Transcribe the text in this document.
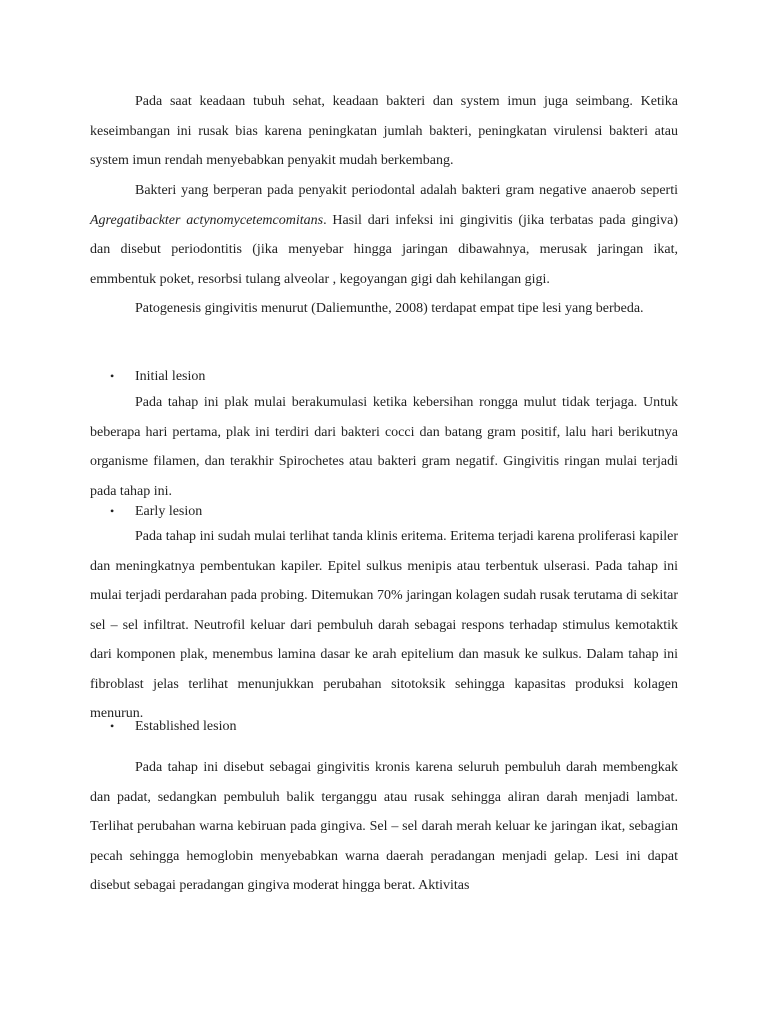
Pada saat keadaan tubuh sehat, keadaan bakteri dan system imun juga seimbang. Ketika keseimbangan ini rusak bias karena peningkatan jumlah bakteri, peningkatan virulensi bakteri atau system imun rendah menyebabkan penyakit mudah berkembang.

Bakteri yang berperan pada penyakit periodontal adalah bakteri gram negative anaerob seperti Agregatibackter actynomycetemcomitans. Hasil dari infeksi ini gingivitis (jika terbatas pada gingiva) dan disebut periodontitis (jika menyebar hingga jaringan dibawahnya, merusak jaringan ikat, emmbentuk poket, resorbsi tulang alveolar , kegoyangan gigi dah kehilangan gigi.

Patogenesis gingivitis menurut (Daliemunthe, 2008) terdapat empat tipe lesi yang berbeda.

• Initial lesion

Pada tahap ini plak mulai berakumulasi ketika kebersihan rongga mulut tidak terjaga. Untuk beberapa hari pertama, plak ini terdiri dari bakteri cocci dan batang gram positif, lalu hari berikutnya organisme filamen, dan terakhir Spirochetes atau bakteri gram negatif. Gingivitis ringan mulai terjadi pada tahap ini.

• Early lesion

Pada tahap ini sudah mulai terlihat tanda klinis eritema. Eritema terjadi karena proliferasi kapiler dan meningkatnya pembentukan kapiler. Epitel sulkus menipis atau terbentuk ulserasi. Pada tahap ini mulai terjadi perdarahan pada probing. Ditemukan 70% jaringan kolagen sudah rusak terutama di sekitar sel – sel infiltrat. Neutrofil keluar dari pembuluh darah sebagai respons terhadap stimulus kemotaktik dari komponen plak, menembus lamina dasar ke arah epitelium dan masuk ke sulkus. Dalam tahap ini fibroblast jelas terlihat menunjukkan perubahan sitotoksik sehingga kapasitas produksi kolagen menurun.

• Established lesion

Pada tahap ini disebut sebagai gingivitis kronis karena seluruh pembuluh darah membengkak dan padat, sedangkan pembuluh balik terganggu atau rusak sehingga aliran darah menjadi lambat. Terlihat perubahan warna kebiruan pada gingiva. Sel – sel darah merah keluar ke jaringan ikat, sebagian pecah sehingga hemoglobin menyebabkan warna daerah peradangan menjadi gelap. Lesi ini dapat disebut sebagai peradangan gingiva moderat hingga berat. Aktivitas
